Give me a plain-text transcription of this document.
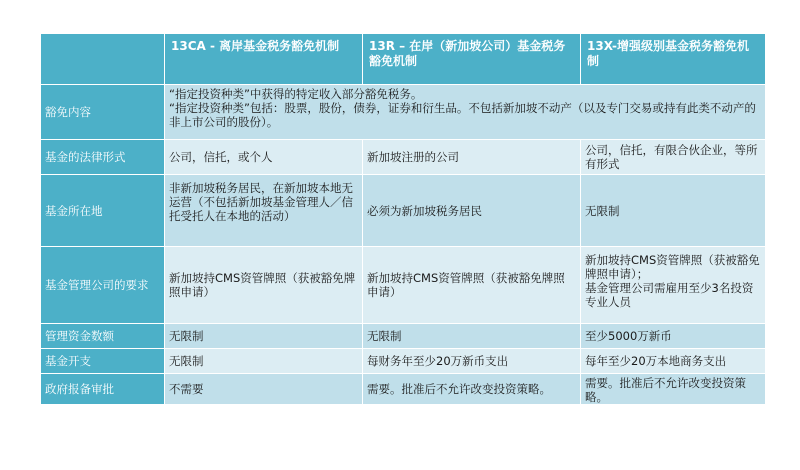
	13CA - 离岸基金税务豁免机制	13R – 在岸（新加坡公司）基金税务豁免机制	13X-增强级别基金税务豁免机制
豁免内容	“指定投资种类”中获得的特定收入部分豁免税务。
“指定投资种类”包括：股票，股份，债券，证券和衍生品。不包括新加坡不动产（以及专门交易或持有此类不动产的非上市公司的股份）。		
基金的法律形式	公司，信托，或个人	新加坡注册的公司	公司，信托，有限合伙企业，等所有形式
基金所在地	非新加坡税务居民，在新加坡本地无运营（不包括新加坡基金管理人／信托受托人在本地的活动）	必须为新加坡税务居民	无限制
基金管理公司的要求	新加坡持CMS资管牌照（获被豁免牌照申请）	新加坡持CMS资管牌照（获被豁免牌照申请）	新加坡持CMS资管牌照（获被豁免牌照申请）；
基金管理公司需雇用至少3名投资专业人员
管理资金数额	无限制	无限制	至少5000万新币
基金开支	无限制	每财务年至少20万新币支出	每年至少20万本地商务支出
政府报备审批	不需要	需要。批准后不允许改变投资策略。	需要。批准后不允许改变投资策略。
